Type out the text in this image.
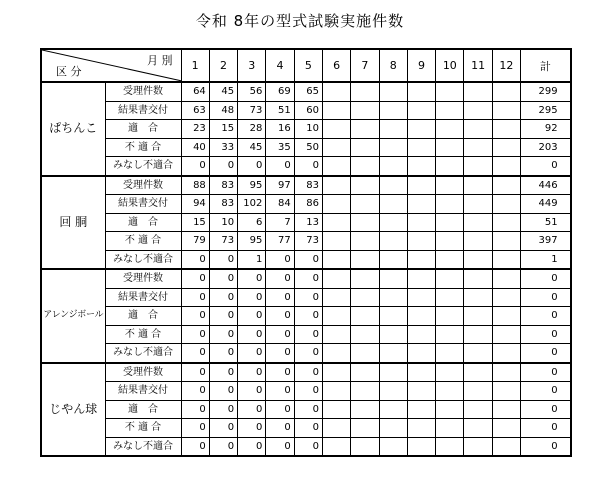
令和 8年の型式試験実施件数
月 別
区 分		1	2	3	4	5	6	7	8	9	10	11	12	計
ぱちんこ	受理件数	64	45	56	69	65								299
	結果書交付	63	48	73	51	60								295
	適　合	23	15	28	16	10								92
	不 適 合	40	33	45	35	50								203
	みなし不適合	0	0	0	0	0								0
回 胴	受理件数	88	83	95	97	83								446
	結果書交付	94	83	102	84	86								449
	適　合	15	10	6	7	13								51
	不 適 合	79	73	95	77	73								397
	みなし不適合	0	0	1	0	0								1
アレンジボール	受理件数	0	0	0	0	0								0
	結果書交付	0	0	0	0	0								0
	適　合	0	0	0	0	0								0
	不 適 合	0	0	0	0	0								0
	みなし不適合	0	0	0	0	0								0
じやん球	受理件数	0	0	0	0	0								0
	結果書交付	0	0	0	0	0								0
	適　合	0	0	0	0	0								0
	不 適 合	0	0	0	0	0								0
	みなし不適合	0	0	0	0	0								0
